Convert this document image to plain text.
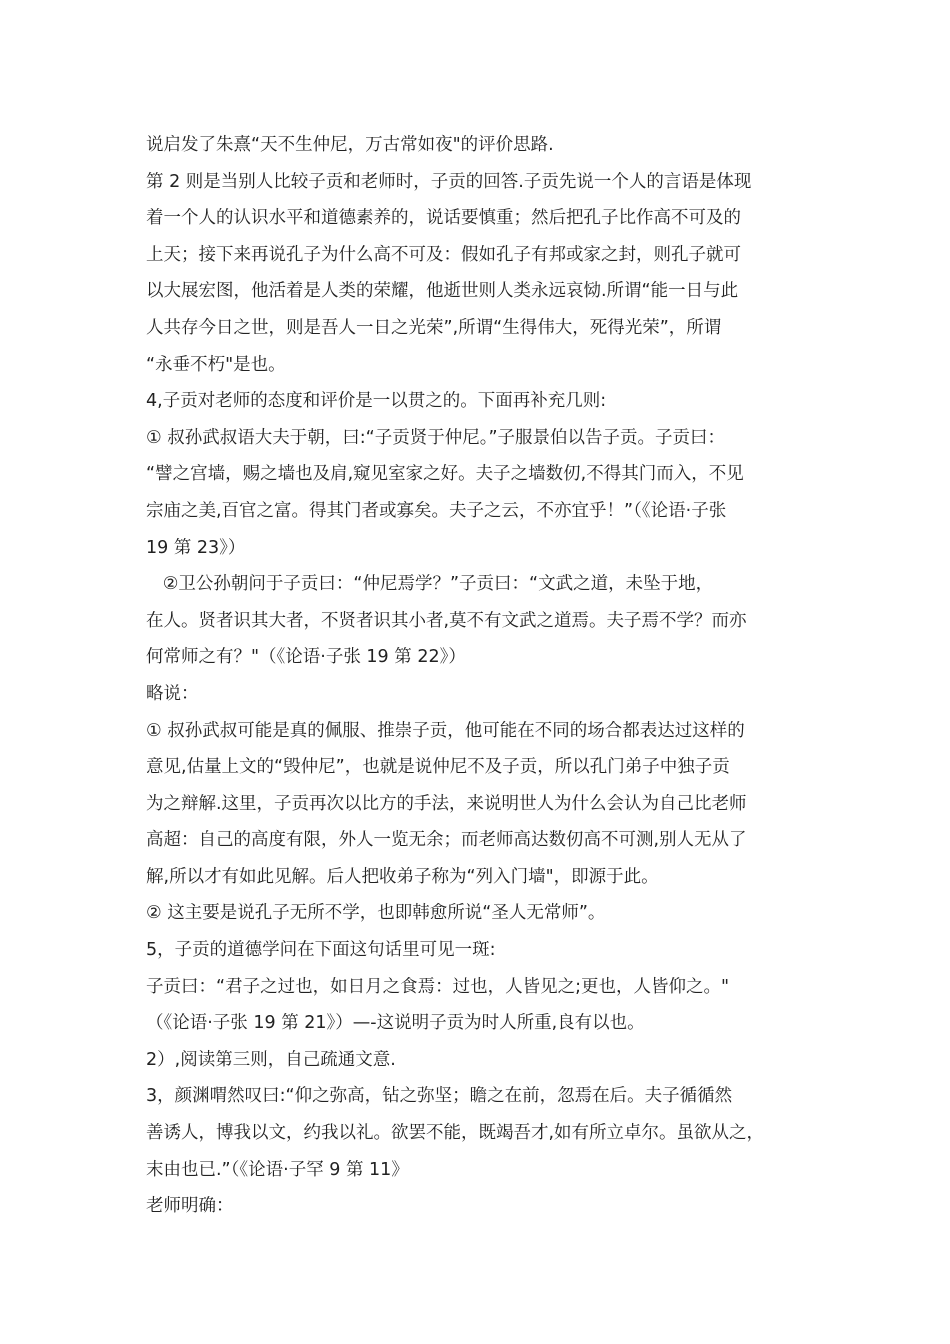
说启发了朱熹“天不生仲尼，万古常如夜"的评价思路.
第 2 则是当别人比较子贡和老师时，子贡的回答.子贡先说一个人的言语是体现
着一个人的认识水平和道德素养的，说话要慎重；然后把孔子比作高不可及的
上天；接下来再说孔子为什么高不可及：假如孔子有邦或家之封，则孔子就可
以大展宏图，他活着是人类的荣耀，他逝世则人类永远哀恸.所谓“能一日与此
人共存今日之世，则是吾人一日之光荣”,所谓“生得伟大，死得光荣”，所谓
“永垂不朽"是也。
4,子贡对老师的态度和评价是一以贯之的。下面再补充几则:
① 叔孙武叔语大夫于朝，曰:“子贡贤于仲尼。”子服景伯以告子贡。子贡曰：
“譬之宫墙，赐之墙也及肩,窥见室家之好。夫子之墙数仞,不得其门而入，不见
宗庙之美,百官之富。得其门者或寡矣。夫子之云，不亦宜乎！”（《论语·子张
19 第 23》）
②卫公孙朝问于子贡曰：“仲尼焉学？”子贡曰：“文武之道，未坠于地，
在人。贤者识其大者，不贤者识其小者,莫不有文武之道焉。夫子焉不学？而亦
何常师之有？"（《论语·子张 19 第 22》）
略说：
① 叔孙武叔可能是真的佩服、推崇子贡，他可能在不同的场合都表达过这样的
意见,估量上文的“毁仲尼”，也就是说仲尼不及子贡，所以孔门弟子中独子贡
为之辩解.这里，子贡再次以比方的手法，来说明世人为什么会认为自己比老师
高超：自己的高度有限，外人一览无余；而老师高达数仞高不可测,别人无从了
解,所以才有如此见解。后人把收弟子称为“列入门墙"，即源于此。
② 这主要是说孔子无所不学，也即韩愈所说“圣人无常师”。
5，子贡的道德学问在下面这句话里可见一斑:
子贡曰：“君子之过也，如日月之食焉：过也，人皆见之;更也，人皆仰之。"
（《论语·子张 19 第 21》）—-这说明子贡为时人所重,良有以也。
2）,阅读第三则，自己疏通文意.
3，颜渊喟然叹曰:“仰之弥高，钻之弥坚；瞻之在前，忽焉在后。夫子循循然
善诱人，博我以文，约我以礼。欲罢不能，既竭吾才,如有所立卓尔。虽欲从之，
末由也已.”（《论语·子罕 9 第 11》
老师明确：
